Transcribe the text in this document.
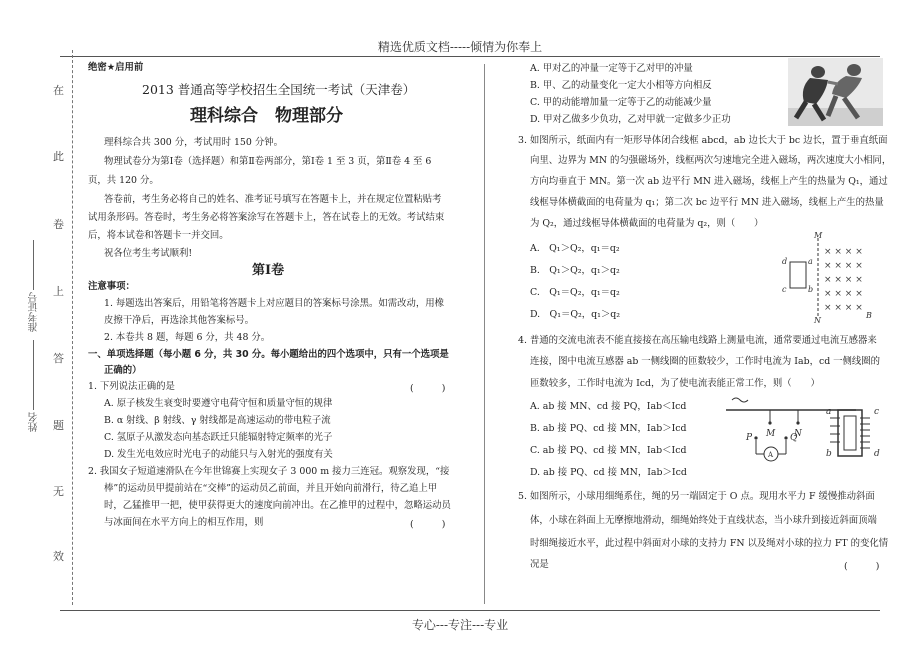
精选优质文档-----倾情为你奉上
专心---专注---专业
在
此
卷
上
答
题
无
效
准考证号
姓名
绝密★启用前
2013 普通高等学校招生全国统一考试（天津卷）
理科综合　物理部分
理科综合共 300 分，考试用时 150 分钟。
物理试卷分为第Ⅰ卷（选择题）和第Ⅱ卷两部分，第Ⅰ卷 1 至 3 页，第Ⅱ卷 4 至 6
页，共 120 分。
答卷前，考生务必将自己的姓名、准考证号填写在答题卡上，并在规定位置粘贴考
试用条形码。答卷时，考生务必将答案涂写在答题卡上，答在试卷上的无效。考试结束
后，将本试卷和答题卡一并交回。
祝各位考生考试顺利!
第Ⅰ卷
注意事项：
1. 每题选出答案后，用铅笔将答题卡上对应题目的答案标号涂黑。如需改动，用橡
皮擦干净后，再选涂其他答案标号。
2. 本卷共 8 题，每题 6 分，共 48 分。
一、单项选择题（每小题 6 分，共 30 分。每小题给出的四个选项中，只有一个选项是
正确的）
1. 下列说法正确的是	(　　　)
A. 原子核发生衰变时要遵守电荷守恒和质量守恒的规律
B. α 射线、β 射线、γ 射线都是高速运动的带电粒子流
C. 氢原子从激发态向基态跃迁只能辐射特定频率的光子
D. 发生光电效应时光电子的动能只与入射光的强度有关
2. 我国女子短道速滑队在今年世锦赛上实现女子 3 000 m 接力三连冠。观察发现，“接
棒”的运动员甲提前站在“交棒”的运动员乙前面，并且开始向前滑行，待乙追上甲
时，乙猛推甲一把，使甲获得更大的速度向前冲出。在乙推甲的过程中，忽略运动员
与冰面间在水平方向上的相互作用，则	(　　　)
A. 甲对乙的冲量一定等于乙对甲的冲量
B. 甲、乙的动量变化一定大小相等方向相反
C. 甲的动能增加量一定等于乙的动能减少量
D. 甲对乙做多少负功，乙对甲就一定做多少正功
3. 如图所示，纸面内有一矩形导体闭合线框 abcd，ab 边长大于 bc 边长，置于垂直纸面
向里、边界为 MN 的匀强磁场外，线框两次匀速地完全进入磁场，两次速度大小相同，
方向均垂直于 MN。第一次 ab 边平行 MN 进入磁场，线框上产生的热量为 Q₁，通过
线框导体横截面的电荷量为 q₁；第二次 bc 边平行 MN 进入磁场，线框上产生的热量
为 Q₂，通过线框导体横截面的电荷量为 q₂，则（　　）
A.　Q₁＞Q₂，q₁＝q₂
B.　Q₁＞Q₂，q₁＞q₂
C.　Q₁＝Q₂，q₁＝q₂
D.　Q₁＝Q₂，q₁＞q₂
× × × ×
× × × ×
× × × ×
× × × ×
× × × ×
M
N
d	a
c	b
B
4. 普通的交流电流表不能直接接在高压输电线路上测量电流，通常要通过电流互感器来
连接，图中电流互感器 ab 一侧线圈的匝数较少，工作时电流为 Iab，cd 一侧线圈的
匝数较多，工作时电流为 Icd，为了使电流表能正常工作，则（　　）
A. ab 接 MN、cd 接 PQ，Iab＜Icd
B. ab 接 PQ、cd 接 MN，Iab＞Icd
C. ab 接 PQ、cd 接 MN，Iab＜Icd
D. ab 接 PQ、cd 接 MN，Iab＞Icd
M N
P	Q
A
a
b
c
d
5. 如图所示，小球用细绳系住，绳的另一端固定于 O 点。现用水平力 F 缓慢推动斜面
体，小球在斜面上无摩擦地滑动，细绳始终处于直线状态，当小球升到接近斜面顶端
时细绳接近水平，此过程中斜面对小球的支持力 FN 以及绳对小球的拉力 FT 的变化情
况是	(　　　)
